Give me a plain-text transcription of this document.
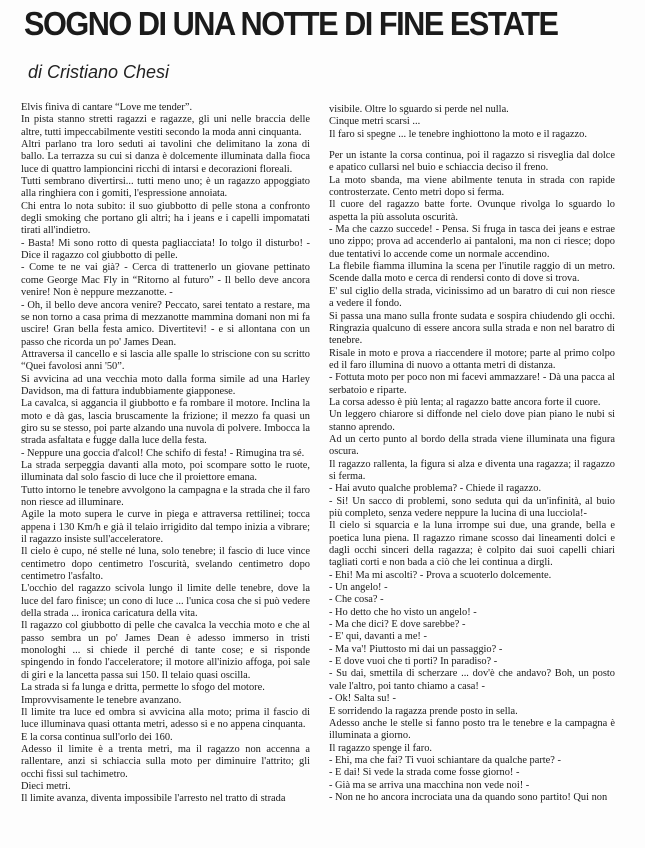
SOGNO DI UNA NOTTE DI FINE ESTATE

di Cristiano Chesi

Elvis finiva di cantare “Love me tender”.

In pista stanno stretti ragazzi e ragazze, gli uni nelle braccia delle altre, tutti impeccabilmente vestiti secondo la moda anni cinquanta.

Altri parlano tra loro seduti ai tavolini che delimitano la zona di ballo. La terrazza su cui si danza è dolcemente illuminata dalla fioca luce di quattro lampioncini ricchi di intarsi e decorazioni floreali.

Tutti sembrano divertirsi... tutti meno uno; è un ragazzo appoggiato alla ringhiera con i gomiti, l'espressione annoiata.

Chi entra lo nota subito: il suo giubbotto di pelle stona a confronto degli smoking che portano gli altri; ha i jeans e i capelli impomatati tirati all'indietro.

- Basta! Mi sono rotto di questa pagliacciata! Io tolgo il disturbo! - Dice il ragazzo col giubbotto di pelle.

- Come te ne vai già? - Cerca di trattenerlo un giovane pettinato come George Mac Fly in “Ritorno al futuro” - Il bello deve ancora venire! Non è neppure mezzanotte. -

- Oh, il bello deve ancora venire? Peccato, sarei tentato a restare, ma se non torno a casa prima di mezzanotte mammina domani non mi fa uscire! Gran bella festa amico. Divertitevi! - e si allontana con un passo che ricorda un po' James Dean.

Attraversa il cancello e si lascia alle spalle lo striscione con su scritto “Quei favolosi anni '50”.

Si avvicina ad una vecchia moto dalla forma simile ad una Harley Davidson, ma di fattura indubbiamente giapponese.

La cavalca, si aggancia il giubbotto e fa rombare il motore. Inclina la moto e dà gas, lascia bruscamente la frizione; il mezzo fa quasi un giro su se stesso, poi parte alzando una nuvola di polvere. Imbocca la strada asfaltata e fugge dalla luce della festa.

- Neppure una goccia d'alcol! Che schifo di festa! - Rimugina tra sé.

La strada serpeggia davanti alla moto, poi scompare sotto le ruote, illuminata dal solo fascio di luce che il proiettore emana.

Tutto intorno le tenebre avvolgono la campagna e la strada che il faro non riesce ad illuminare.

Agile la moto supera le curve in piega e attraversa rettilinei; tocca appena i 130 Km/h e già il telaio irrigidito dal tempo inizia a vibrare; il ragazzo insiste sull'acceleratore.

Il cielo è cupo, né stelle né luna, solo tenebre; il fascio di luce vince centimetro dopo centimetro l'oscurità, svelando centimetro dopo centimetro l'asfalto.

L'occhio del ragazzo scivola lungo il limite delle tenebre, dove la luce del faro finisce; un cono di luce ... l'unica cosa che si può vedere della strada ... ironica caricatura della vita.

Il ragazzo col giubbotto di pelle che cavalca la vecchia moto e che al passo sembra un po' James Dean è adesso immerso in tristi monologhi ... si chiede il perché di tante cose; e si risponde spingendo in fondo l'acceleratore; il motore all'inizio affoga, poi sale di giri e la lancetta passa sui 150. Il telaio quasi oscilla.

La strada si fa lunga e dritta, permette lo sfogo del motore.

Improvvisamente le tenebre avanzano.

Il limite tra luce ed ombra si avvicina alla moto; prima il fascio di luce illuminava quasi ottanta metri, adesso si e no appena cinquanta.

E la corsa continua sull'orlo dei 160.

Adesso il limite è a trenta metri, ma il ragazzo non accenna a rallentare, anzi si schiaccia sulla moto per diminuire l'attrito; gli occhi fissi sul tachimetro.

Dieci metri.

Il limite avanza, diventa impossibile l'arresto nel tratto di strada

visibile. Oltre lo sguardo si perde nel nulla.

Cinque metri scarsi ...

Il faro si spegne ... le tenebre inghiottono la moto e il ragazzo.

Per un istante la corsa continua, poi il ragazzo si risveglia dal dolce e apatico cullarsi nel buio e schiaccia deciso il freno.

La moto sbanda, ma viene abilmente tenuta in strada con rapide controsterzate. Cento metri dopo si ferma.

Il cuore del ragazzo batte forte. Ovunque rivolga lo sguardo lo aspetta la più assoluta oscurità.

- Ma che cazzo succede! - Pensa. Si fruga in tasca dei jeans e estrae uno zippo; prova ad accenderlo ai pantaloni, ma non ci riesce; dopo due tentativi lo accende come un normale accendino.

La flebile fiamma illumina la scena per l'inutile raggio di un metro. Scende dalla moto e cerca di rendersi conto di dove si trova.

E' sul ciglio della strada, vicinissimo ad un baratro di cui non riesce a vedere il fondo.

Si passa una mano sulla fronte sudata e sospira chiudendo gli occhi. Ringrazia qualcuno di essere ancora sulla strada e non nel baratro di tenebre.

Risale in moto e prova a riaccendere il motore; parte al primo colpo ed il faro illumina di nuovo a ottanta metri di distanza.

- Fottuta moto per poco non mi facevi ammazzare! - Dà una pacca al serbatoio e riparte.

La corsa adesso è più lenta; al ragazzo batte ancora forte il cuore.

Un leggero chiarore si diffonde nel cielo dove pian piano le nubi si stanno aprendo.

Ad un certo punto al bordo della strada viene illuminata una figura oscura.

Il ragazzo rallenta, la figura si alza e diventa una ragazza; il ragazzo si ferma.

- Hai avuto qualche problema? - Chiede il ragazzo.

- Si! Un sacco di problemi, sono seduta qui da un'infinità, al buio più completo, senza vedere neppure la lucina di una lucciola!-

Il cielo si squarcia e la luna irrompe sui due, una grande, bella e poetica luna piena. Il ragazzo rimane scosso dai lineamenti dolci e dagli occhi sinceri della ragazza; è colpito dai suoi capelli chiari tagliati corti e non bada a ciò che lei continua a dirgli.

- Ehi! Ma mi ascolti? - Prova a scuoterlo dolcemente.

- Un angelo! -

- Che cosa? -

- Ho detto che ho visto un angelo! -

- Ma che dici? E dove sarebbe? -

- E' qui, davanti a me! -

- Ma va'! Piuttosto mi dai un passaggio? -

- E dove vuoi che ti porti? In paradiso? -

- Su dai, smettila di scherzare ... dov'è che andavo? Boh, un posto vale l'altro, poi tanto chiamo a casa! -

- Ok! Salta su! -

E sorridendo la ragazza prende posto in sella.

Adesso anche le stelle si fanno posto tra le tenebre e la campagna è illuminata a giorno.

Il ragazzo spenge il faro.

- Ehi, ma che fai? Ti vuoi schiantare da qualche parte? -

- E dai! Si vede la strada come fosse giorno! -

- Già ma se arriva una macchina non vede noi! -

- Non ne ho ancora incrociata una da quando sono partito! Qui non
